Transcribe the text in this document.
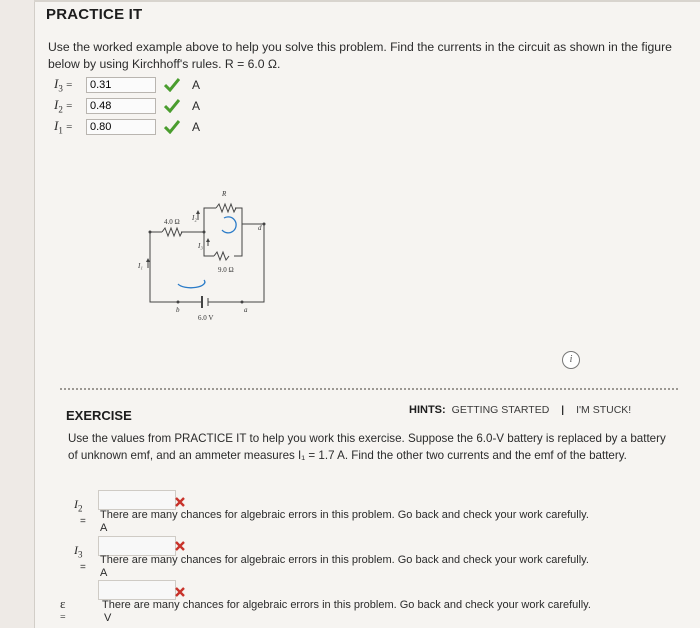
PRACTICE IT
Use the worked example above to help you solve this problem. Find the currents in the circuit as shown in the figure below by using Kirchhoff's rules. R = 6.0 Ω.
$I_3$ =
0.31	A
$I_2$ =
0.48	A
$I_1$ =
0.80	A
R
4.0 Ω
9.0 Ω
6.0 V
I₁
I₂
I₃
a
b
d
i
EXERCISE	HINTS: GETTING STARTED | I'M STUCK!
Use the values from PRACTICE IT to help you work this exercise. Suppose the 6.0-V battery is replaced by a battery of unknown emf, and an ammeter measures I₁ = 1.7 A. Find the other two currents and the emf of the battery.
$I_2$
=
There are many chances for algebraic errors in this problem. Go back and check your work carefully.
A
$I_3$
=
There are many chances for algebraic errors in this problem. Go back and check your work carefully.
A
ε =
There are many chances for algebraic errors in this problem. Go back and check your work carefully.
V
